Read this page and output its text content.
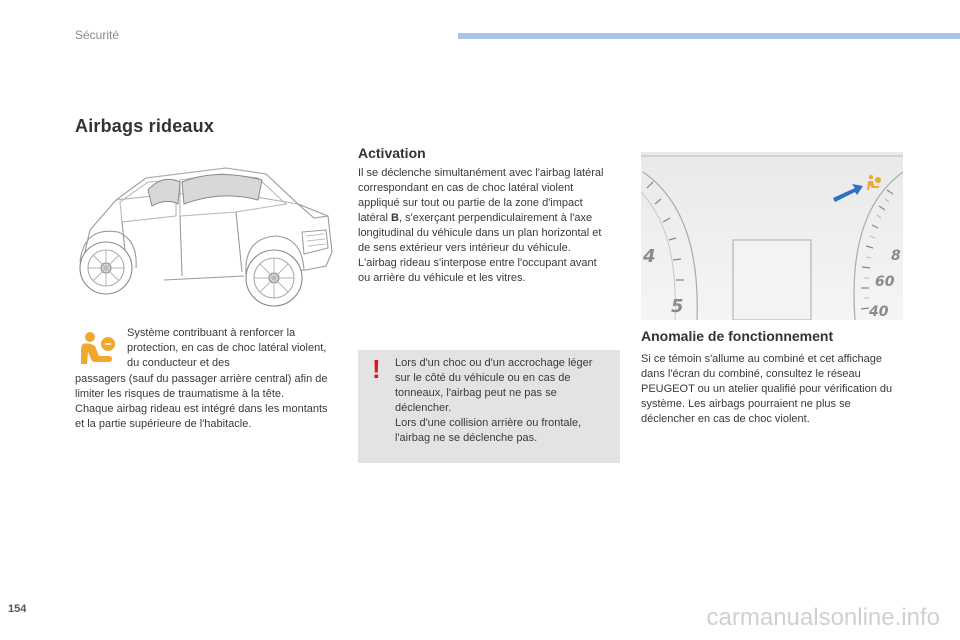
Sécurité
Airbags rideaux

Système contribuant à renforcer la protection, en cas de choc latéral violent, du conducteur et des

passagers (sauf du passager arrière central) afin de limiter les risques de traumatisme à la tête.

Chaque airbag rideau est intégré dans les montants et la partie supérieure de l'habitacle.

Activation

Il se déclenche simultanément avec l'airbag latéral correspondant en cas de choc latéral violent appliqué sur tout ou partie de la zone d'impact latéral B, s'exerçant perpendiculairement à l'axe longitudinal du véhicule dans un plan horizontal et de sens extérieur vers intérieur du véhicule.

L'airbag rideau s'interpose entre l'occupant avant ou arrière du véhicule et les vitres.

! Lors d'un choc ou d'un accrochage léger sur le côté du véhicule ou en cas de tonneaux, l'airbag peut ne pas se déclencher.

Lors d'une collision arrière ou frontale, l'airbag ne se déclenche pas.

4
5
8
60
40
Anomalie de fonctionnement
Si ce témoin s'allume au combiné et cet affichage dans l'écran du combiné, consultez le réseau PEUGEOT ou un atelier qualifié pour vérification du système. Les airbags pourraient ne plus se déclencher en cas de choc violent.
154	carmanualsonline.info
